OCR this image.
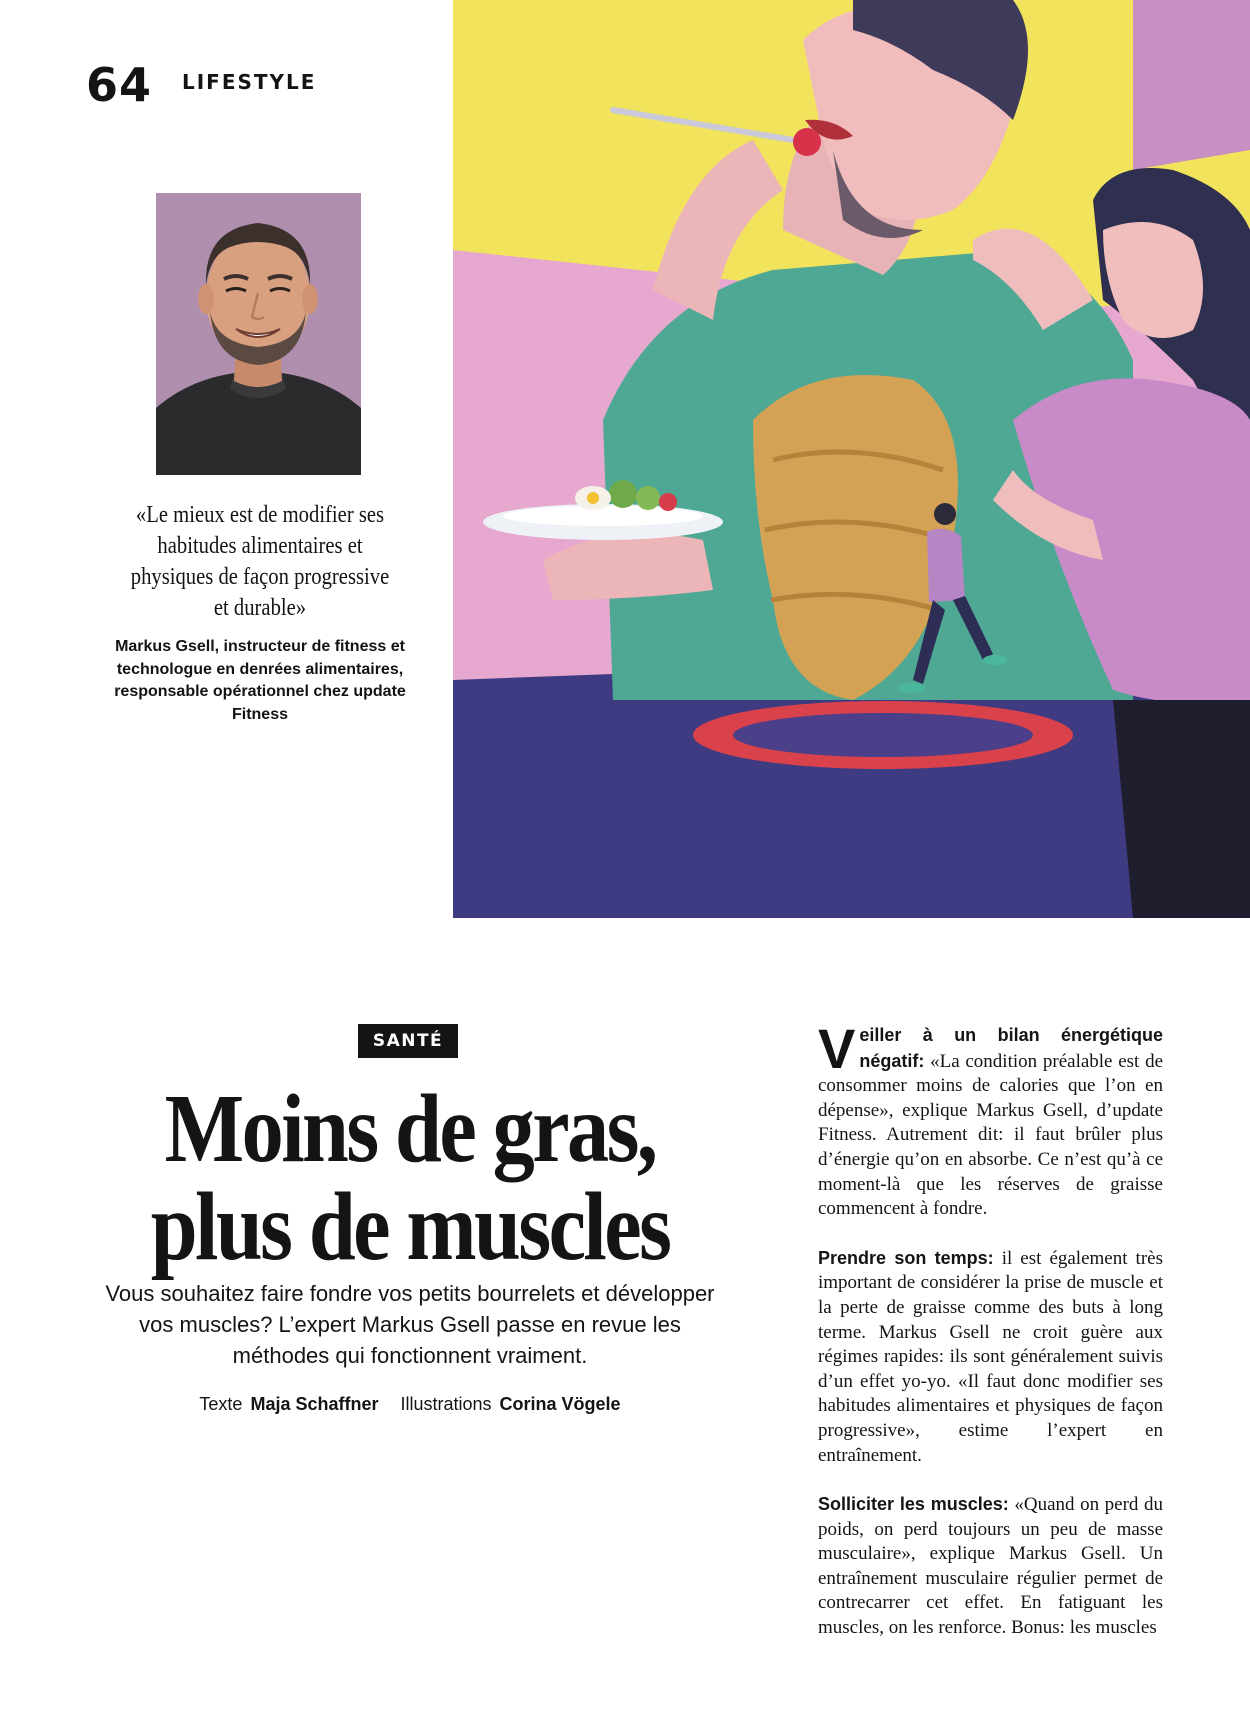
64 LIFESTYLE
«Le mieux est de modifier ses habitudes alimentaires et physiques de façon progressive et durable»
Markus Gsell, instructeur de fitness et technologue en denrées alimentaires, responsable opérationnel chez update Fitness
SANTÉ
Moins de gras,
plus de muscles
Vous souhaitez faire fondre vos petits bourrelets et développer vos muscles? L’expert Markus Gsell passe en revue les méthodes qui fonctionnent vraiment.
Texte Maja Schaffner Illustrations Corina Vögele

Veiller à un bilan énergétique négatif: «La condition préalable est de consommer moins de calories que l’on en dépense», explique Markus Gsell, d’update Fitness. Autrement dit: il faut brûler plus d’énergie qu’on en absorbe. Ce n’est qu’à ce moment-là que les réserves de graisse commencent à fondre.

Prendre son temps: il est également très important de considérer la prise de muscle et la perte de graisse comme des buts à long terme. Markus Gsell ne croit guère aux régimes rapides: ils sont généralement suivis d’un effet yo-yo. «Il faut donc modifier ses habitudes alimentaires et physiques de façon progressive», estime l’expert en entraînement.

Solliciter les muscles: «Quand on perd du poids, on perd toujours un peu de masse musculaire», explique Markus Gsell. Un entraînement musculaire régulier permet de contrecarrer cet effet. En fatiguant les muscles, on les renforce. Bonus: les muscles
